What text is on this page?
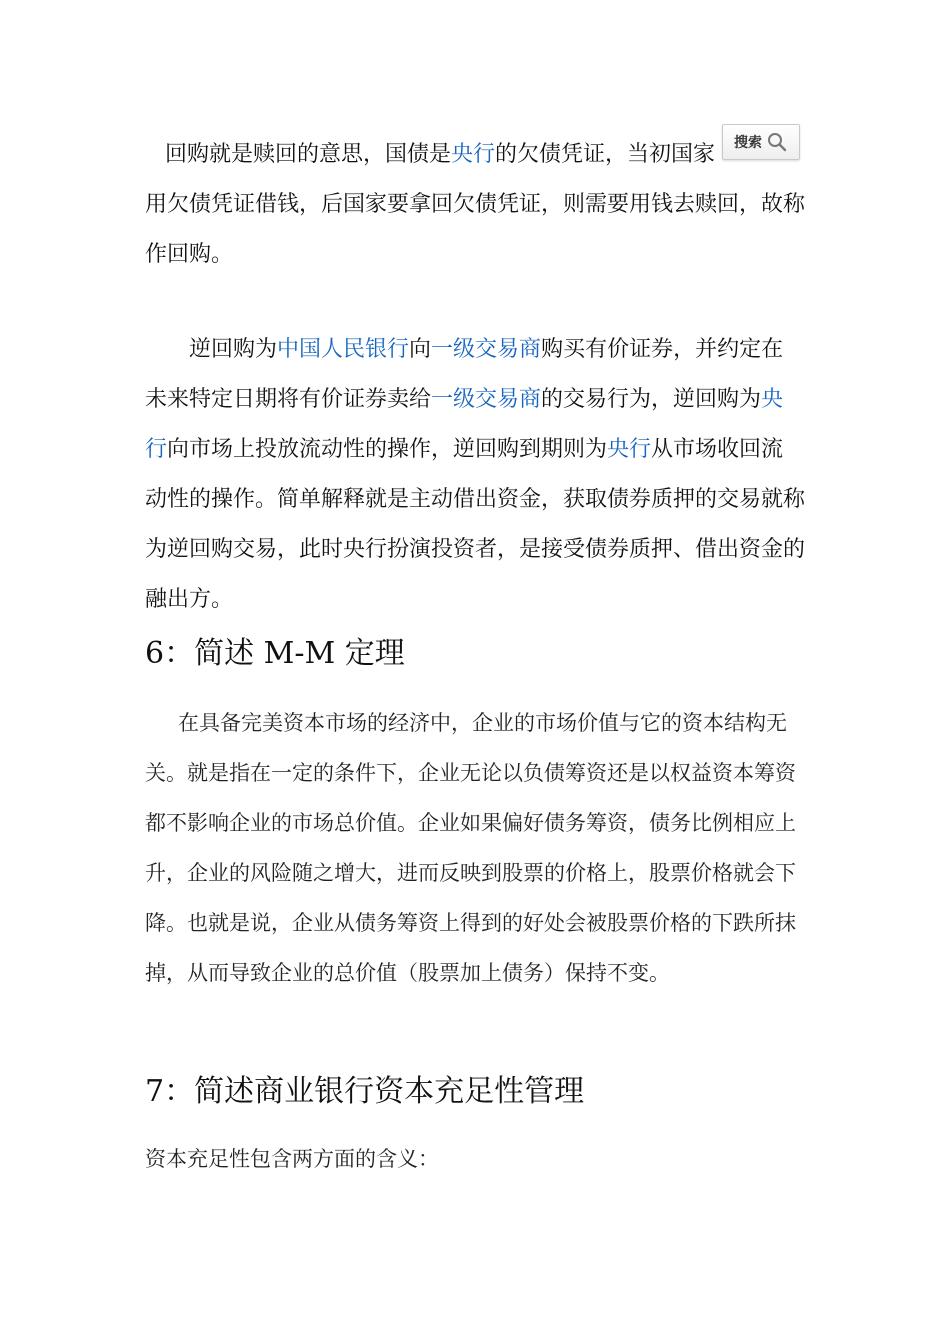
搜索

回购就是赎回的意思，国债是央行的欠债凭证，当初国家用欠债凭证借钱，后国家要拿回欠债凭证，则需要用钱去赎回，故称作回购。

逆回购为中国人民银行向一级交易商购买有价证券，并约定在未来特定日期将有价证券卖给一级交易商的交易行为，逆回购为央行向市场上投放流动性的操作，逆回购到期则为央行从市场收回流动性的操作。简单解释就是主动借出资金，获取债券质押的交易就称为逆回购交易，此时央行扮演投资者，是接受债券质押、借出资金的融出方。

6：简述 M-M 定理

在具备完美资本市场的经济中，企业的市场价值与它的资本结构无关。就是指在一定的条件下，企业无论以负债筹资还是以权益资本筹资都不影响企业的市场总价值。企业如果偏好债务筹资，债务比例相应上升，企业的风险随之增大，进而反映到股票的价格上，股票价格就会下降。也就是说，企业从债务筹资上得到的好处会被股票价格的下跌所抹掉，从而导致企业的总价值（股票加上债务）保持不变。

7：简述商业银行资本充足性管理

资本充足性包含两方面的含义：
